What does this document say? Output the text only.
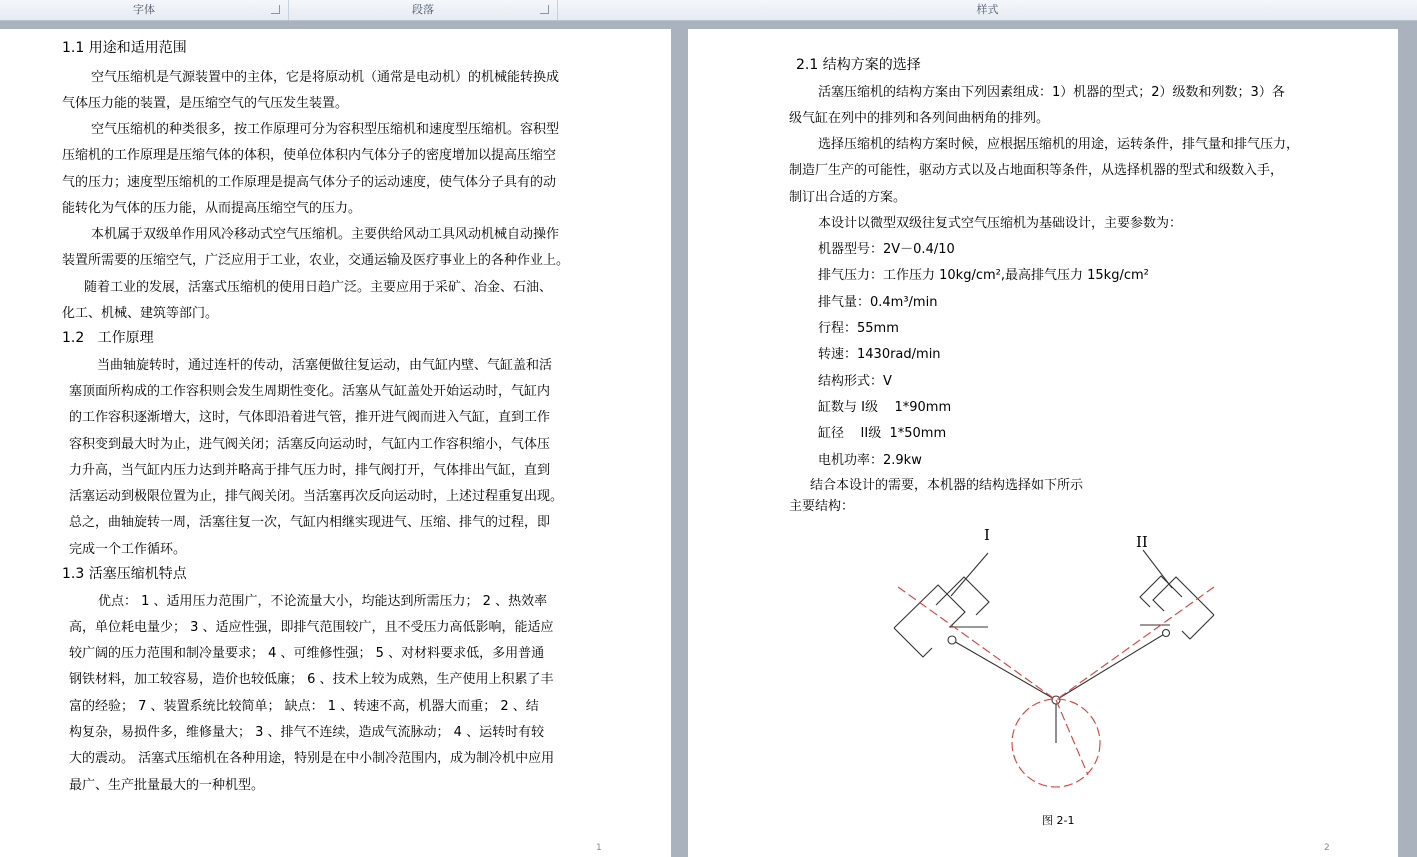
字体	段落	样式
1.1 用途和适用范围
空气压缩机是气源装置中的主体，它是将原动机（通常是电动机）的机械能转换成
气体压力能的装置，是压缩空气的气压发生装置。
空气压缩机的种类很多，按工作原理可分为容积型压缩机和速度型压缩机。容积型
压缩机的工作原理是压缩气体的体积，使单位体积内气体分子的密度增加以提高压缩空
气的压力；速度型压缩机的工作原理是提高气体分子的运动速度，使气体分子具有的动
能转化为气体的压力能，从而提高压缩空气的压力。
本机属于双级单作用风冷移动式空气压缩机。主要供给风动工具风动机械自动操作
装置所需要的压缩空气，广泛应用于工业，农业，交通运输及医疗事业上的各种作业上。
随着工业的发展，活塞式压缩机的使用日趋广泛。主要应用于采矿、冶金、石油、
化工、机械、建筑等部门。
1.2   工作原理
当曲轴旋转时，通过连杆的传动，活塞便做往复运动，由气缸内壁、气缸盖和活
塞顶面所构成的工作容积则会发生周期性变化。活塞从气缸盖处开始运动时，气缸内
的工作容积逐渐增大，这时，气体即沿着进气管，推开进气阀而进入气缸，直到工作
容积变到最大时为止，进气阀关闭；活塞反向运动时，气缸内工作容积缩小，气体压
力升高，当气缸内压力达到并略高于排气压力时，排气阀打开，气体排出气缸，直到
活塞运动到极限位置为止，排气阀关闭。当活塞再次反向运动时，上述过程重复出现。
总之，曲轴旋转一周，活塞往复一次，气缸内相继实现进气、压缩、排气的过程，即
完成一个工作循环。
1.3 活塞压缩机特点
优点： 1 、适用压力范围广，不论流量大小，均能达到所需压力； 2 、热效率
高，单位耗电量少； 3 、适应性强，即排气范围较广，且不受压力高低影响，能适应
较广阔的压力范围和制冷量要求； 4 、可维修性强； 5 、对材料要求低，多用普通
钢铁材料，加工较容易，造价也较低廉； 6 、技术上较为成熟，生产使用上积累了丰
富的经验； 7 、装置系统比较简单； 缺点： 1 、转速不高，机器大而重； 2 、结
构复杂，易损件多，维修量大； 3 、排气不连续，造成气流脉动； 4 、运转时有较
大的震动。 活塞式压缩机在各种用途，特别是在中小制冷范围内，成为制冷机中应用
最广、生产批量最大的一种机型。
1
2.1 结构方案的选择
活塞压缩机的结构方案由下列因素组成：1）机器的型式；2）级数和列数；3）各
级气缸在列中的排列和各列间曲柄角的排列。
选择压缩机的结构方案时候，应根据压缩机的用途，运转条件，排气量和排气压力，
制造厂生产的可能性，驱动方式以及占地面积等条件，从选择机器的型式和级数入手，
制订出合适的方案。
本设计以微型双级往复式空气压缩机为基础设计，主要参数为：
机器型号：2V－0.4/10
排气压力：工作压力 10kg/cm²,最高排气压力 15kg/cm²
排气量：0.4m³/min
行程：55mm
转速：1430rad/min
结构形式：V
缸数与 I级    1*90mm
缸径    II级  1*50mm
电机功率：2.9kw
结合本设计的需要，本机器的结构选择如下所示
主要结构：
I	II
图 2-1
2
